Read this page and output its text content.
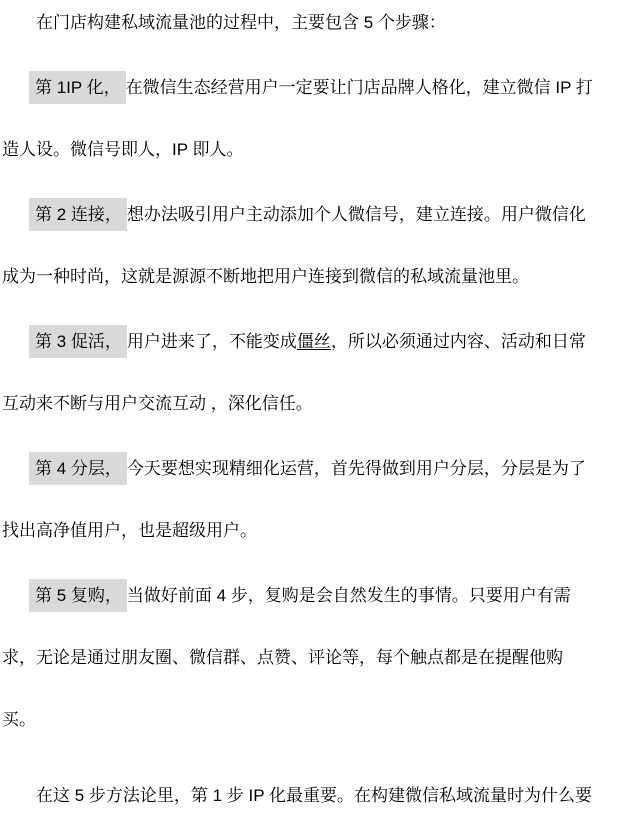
在门店构建私域流量池的过程中，主要包含 5 个步骤：
第 1IP 化， 在微信生态经营用户一定要让门店品牌人格化，建立微信 IP 打
造人设。微信号即人，IP 即人。
第 2 连接， 想办法吸引用户主动添加个人微信号，建立连接。用户微信化
成为一种时尚，这就是源源不断地把用户连接到微信的私域流量池里。
第 3 促活， 用户进来了，不能变成僵丝，所以必须通过内容、活动和日常
互动来不断与用户交流互动 ，深化信任。
第 4 分层， 今天要想实现精细化运营，首先得做到用户分层，分层是为了
找出高净值用户，也是超级用户。
第 5 复购， 当做好前面 4 步，复购是会自然发生的事情。只要用户有需
求，无论是通过朋友圈、微信群、点赞、评论等，每个触点都是在提醒他购
买。
在这 5 步方法论里，第 1 步 IP 化最重要。在构建微信私域流量时为什么要
